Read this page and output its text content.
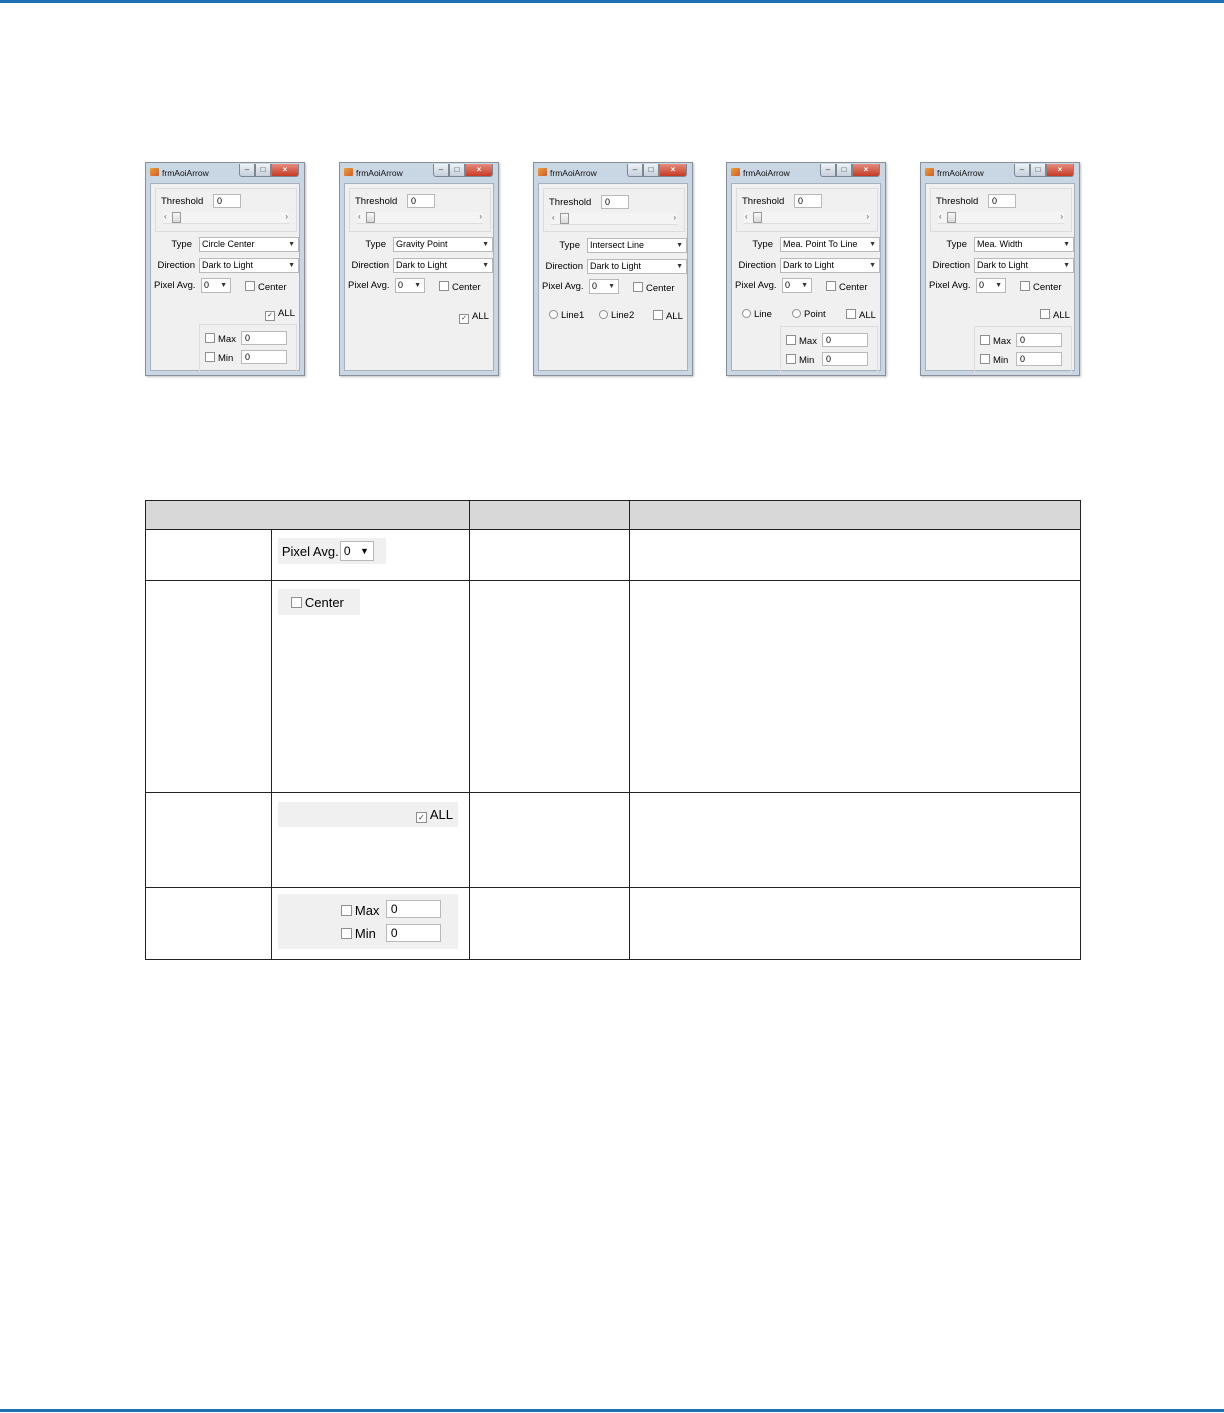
frmAoiArrow	–	□	×
Threshold	0
‹	›
Type	Circle Center	▼
Direction Dark to Light	▼
Pixel Avg. 0 ▼	Center
✓ ALL
Max	0
Min	0
frmAoiArrow	–	□	×
Threshold	0
‹	›
Type	Gravity Point	▼
Direction Dark to Light	▼
Pixel Avg. 0 ▼	Center
✓ ALL
frmAoiArrow	–	□	×
Threshold	0
‹	›
Type	Intersect Line	▼
Direction Dark to Light	▼
Pixel Avg. 0 ▼	Center
Line1	Line2	ALL
frmAoiArrow	–	□	×
Threshold	0
‹	›
Type	Mea. Point To Line ▼
Direction Dark to Light	▼
Pixel Avg. 0 ▼	Center
Line	Point	ALL
Max	0
Min	0
frmAoiArrow	–	□	×
Threshold	0
‹	›
Type	Mea. Width	▼
Direction Dark to Light	▼
Pixel Avg. 0 ▼	Center
ALL
Max	0
Min	0

	Pixel Avg. 0 ▼		

	Center		

	✓ ALL		

	Max 0
Min 0		
